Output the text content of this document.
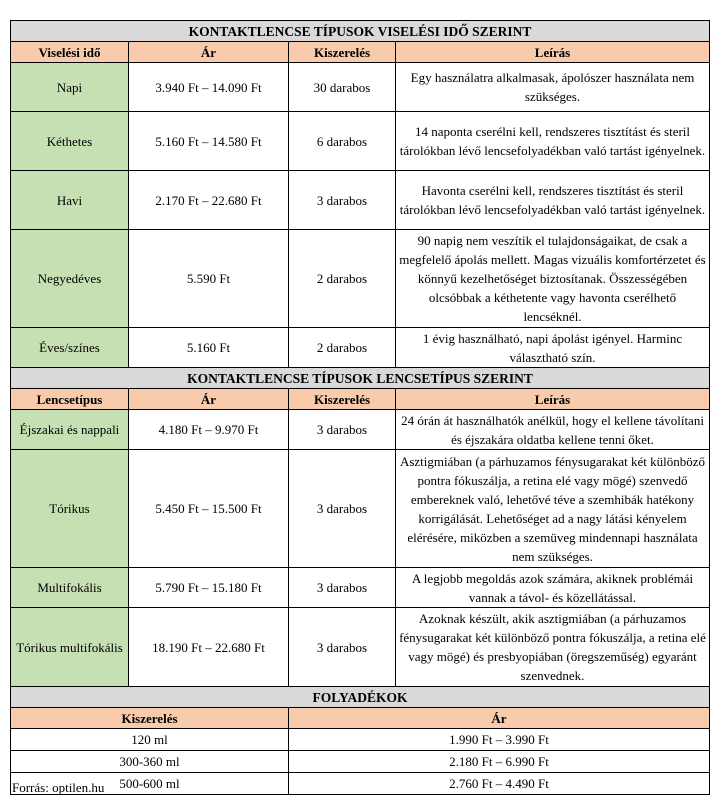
KONTAKTLENCSE TÍPUSOK VISELÉSI IDŐ SZERINT			
Viselési idő	Ár	Kiszerelés	Leírás
Napi	3.940 Ft – 14.090 Ft	30 darabos	Egy használatra alkalmasak, ápolószer használata nem szükséges.
Kéthetes	5.160 Ft – 14.580 Ft	6 darabos	14 naponta cserélni kell, rendszeres tisztítást és steril tárolókban lévő lencsefolyadékban való tartást igényelnek.
Havi	2.170 Ft – 22.680 Ft	3 darabos	Havonta cserélni kell, rendszeres tisztítást és steril tárolókban lévő lencsefolyadékban való tartást igényelnek.
Negyedéves	5.590 Ft	2 darabos	90 napig nem veszítik el tulajdonságaikat, de csak a megfelelő ápolás mellett. Magas vizuális komfortérzetet és könnyű kezelhetőséget biztosítanak. Összességében olcsóbbak a kéthetente vagy havonta cserélhető lencséknél.
Éves/színes	5.160 Ft	2 darabos	1 évig használható, napi ápolást igényel. Harminc választható szín.
KONTAKTLENCSE TÍPUSOK LENCSETÍPUS SZERINT			
Lencsetípus	Ár	Kiszerelés	Leírás
Éjszakai és nappali	4.180 Ft – 9.970 Ft	3 darabos	24 órán át használhatók anélkül, hogy el kellene távolítani és éjszakára oldatba kellene tenni őket.
Tórikus	5.450 Ft – 15.500 Ft	3 darabos	Asztigmiában (a párhuzamos fénysugarakat két különböző pontra fókuszálja, a retina elé vagy mögé) szenvedő embereknek való, lehetővé téve a szemhibák hatékony korrigálását. Lehetőséget ad a nagy látási kényelem elérésére, miközben a szemüveg mindennapi használata nem szükséges.
Multifokális	5.790 Ft – 15.180 Ft	3 darabos	A legjobb megoldás azok számára, akiknek problémái vannak a távol- és közellátással.
Tórikus multifokális	18.190 Ft – 22.680 Ft	3 darabos	Azoknak készült, akik asztigmiában (a párhuzamos fénysugarakat két különböző pontra fókuszálja, a retina elé vagy mögé) és presbyopiában (öregszeműség) egyaránt szenvednek.
FOLYADÉKOK			
Kiszerelés		Ár	
120 ml		1.990 Ft – 3.990 Ft	
300-360 ml		2.180 Ft – 6.990 Ft	
500-600 ml		2.760 Ft – 4.490 Ft	
Forrás: optilen.hu
